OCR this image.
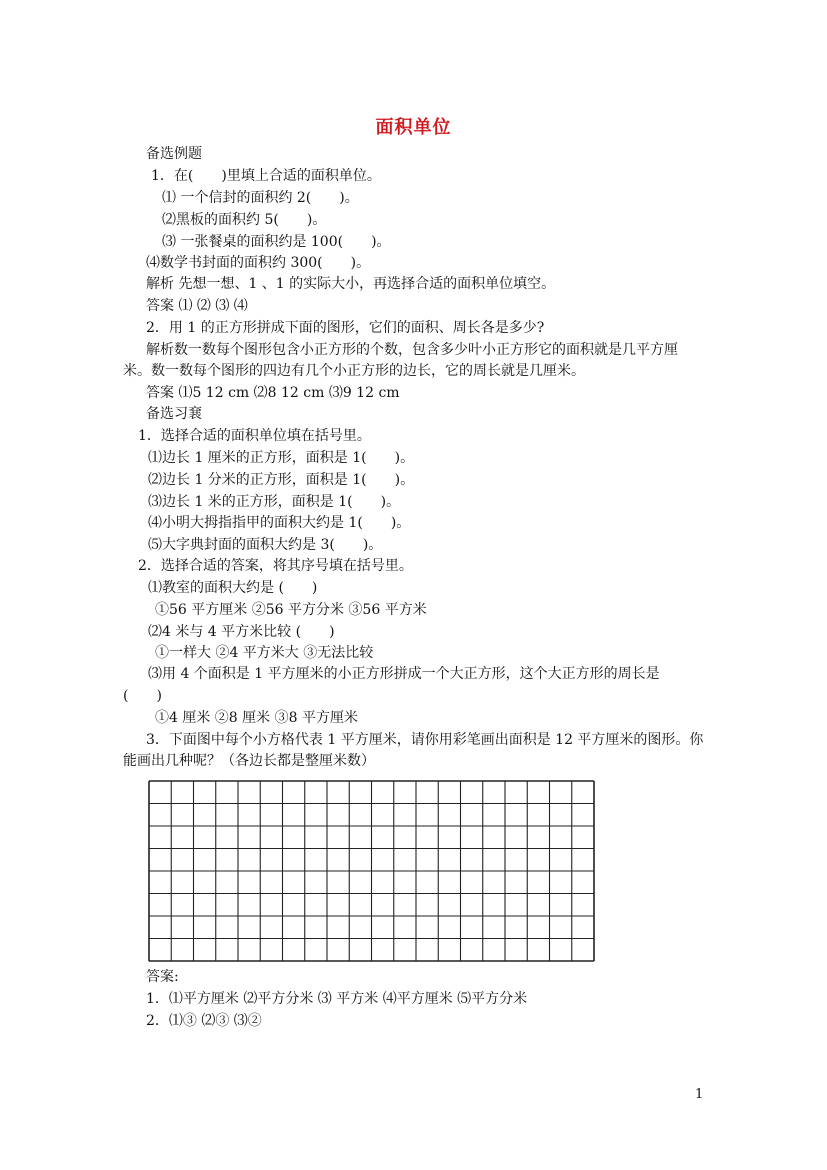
面积单位
备选例题
1．在(　　)里填上合适的面积单位。
⑴ 一个信封的面积约 2(　　)。
⑵黑板的面积约 5(　　)。
⑶ 一张餐桌的面积约是 100(　　)。
⑷数学书封面的面积约 300(　　)。
解析 先想一想、1 、1 的实际大小，再选择合适的面积单位填空。
答案 ⑴ ⑵ ⑶ ⑷
2．用 1 的正方形拼成下面的图形，它们的面积、周长各是多少?
解析数一数每个图形包含小正方形的个数，包含多少叶小正方形它的面积就是几平方厘
米。数一数每个图形的四边有几个小正方形的边长，它的周长就是几厘米。
答案 ⑴5 12 cm ⑵8 12 cm ⑶9 12 cm
备选习㐮
1．选择合适的面积单位填在括号里。
⑴边长 1 厘米的正方形，面积是 1(　　)。
⑵边长 1 分米的正方形，面积是 1(　　)。
⑶边长 1 米的正方形，面积是 1(　　)。
⑷小明大拇指指甲的面积大约是 1(　　)。
⑸大字典封面的面积大约是 3(　　)。
2．选择合适的答案，将其序号填在括号里。
⑴教室的面积大约是 (　　)
①56 平方厘米 ②56 平方分米 ③56 平方米
⑵4 米与 4 平方米比较 (　　)
①一样大 ②4 平方米大 ③无法比较
⑶用 4 个面积是 1 平方厘米的小正方形拼成一个大正方形，这个大正方形的周长是
(　　)
①4 厘米 ②8 厘米 ③8 平方厘米
3．下面图中每个小方格代表 1 平方厘米，请你用彩笔画出面积是 12 平方厘米的图形。你
能画出几种呢？（各边长都是整厘米数）
答案:
1．⑴平方厘米 ⑵平方分米 ⑶ 平方米 ⑷平方厘米 ⑸平方分米
2．⑴③ ⑵③ ⑶②
1
